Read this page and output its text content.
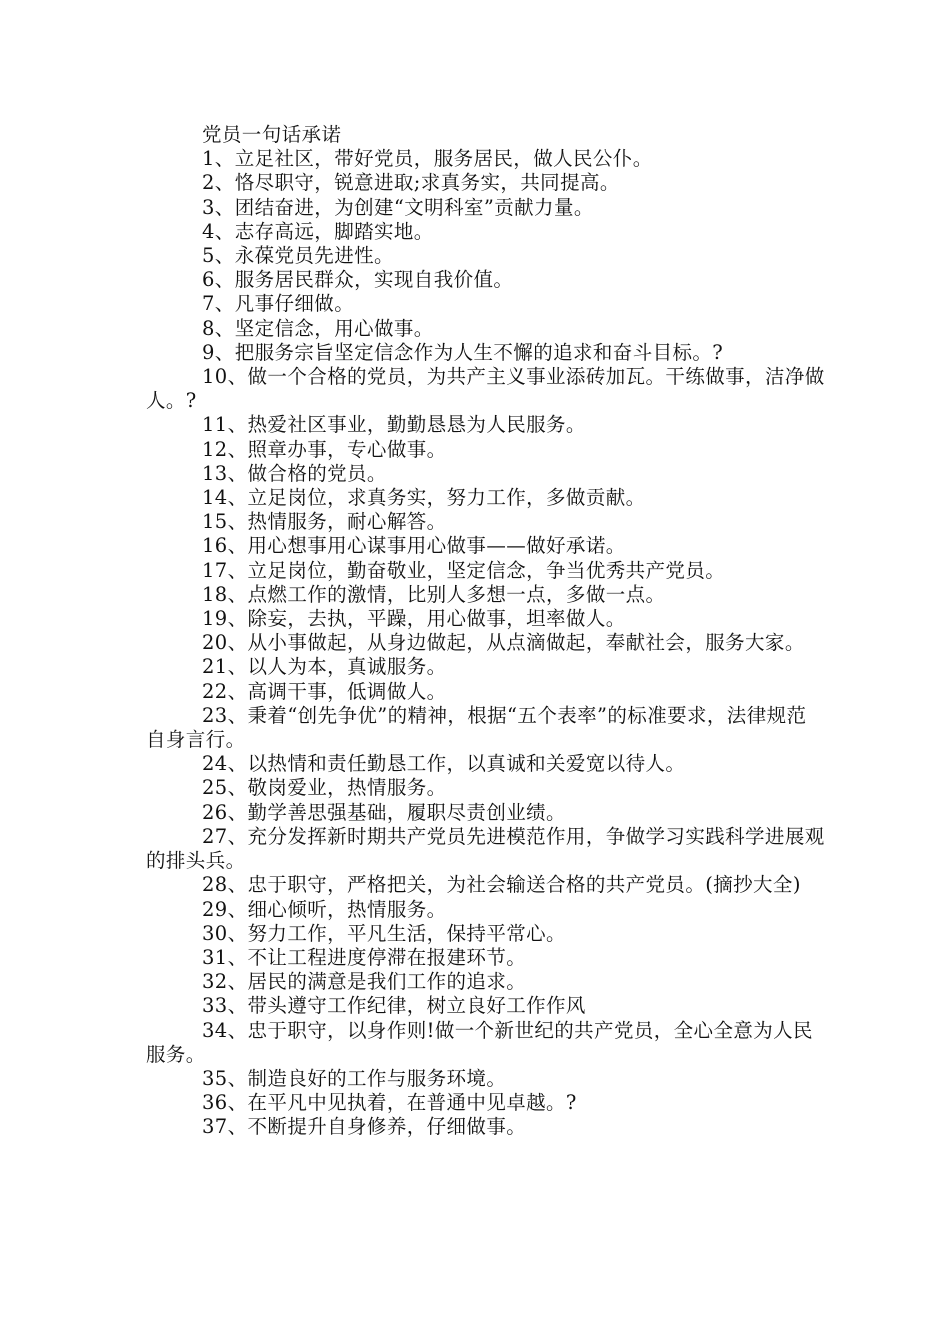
党员一句话承诺

1、立足社区，带好党员，服务居民，做人民公仆。

2、恪尽职守，锐意进取;求真务实，共同提高。

3、团结奋进，为创建“文明科室”贡献力量。

4、志存高远，脚踏实地。

5、永葆党员先进性。

6、服务居民群众，实现自我价值。

7、凡事仔细做。

8、坚定信念，用心做事。

9、把服务宗旨坚定信念作为人生不懈的追求和奋斗目标。?

10、做一个合格的党员，为共产主义事业添砖加瓦。干练做事，洁净做人。?

11、热爱社区事业，勤勤恳恳为人民服务。

12、照章办事，专心做事。

13、做合格的党员。

14、立足岗位，求真务实，努力工作，多做贡献。

15、热情服务，耐心解答。

16、用心想事用心谋事用心做事——做好承诺。

17、立足岗位，勤奋敬业，坚定信念，争当优秀共产党员。

18、点燃工作的激情，比别人多想一点，多做一点。

19、除妄，去执，平躁，用心做事，坦率做人。

20、从小事做起，从身边做起，从点滴做起，奉献社会，服务大家。

21、以人为本，真诚服务。

22、高调干事，低调做人。

23、秉着“创先争优”的精神，根据“五个表率”的标准要求，法律规范自身言行。

24、以热情和责任勤恳工作，以真诚和关爱宽以待人。

25、敬岗爱业，热情服务。

26、勤学善思强基础，履职尽责创业绩。

27、充分发挥新时期共产党员先进模范作用，争做学习实践科学进展观的排头兵。

28、忠于职守，严格把关，为社会输送合格的共产党员。(摘抄大全)

29、细心倾听，热情服务。

30、努力工作，平凡生活，保持平常心。

31、不让工程进度停滞在报建环节。

32、居民的满意是我们工作的追求。

33、带头遵守工作纪律，树立良好工作作风

34、忠于职守，以身作则!做一个新世纪的共产党员，全心全意为人民服务。

35、制造良好的工作与服务环境。

36、在平凡中见执着，在普通中见卓越。?

37、不断提升自身修养，仔细做事。
